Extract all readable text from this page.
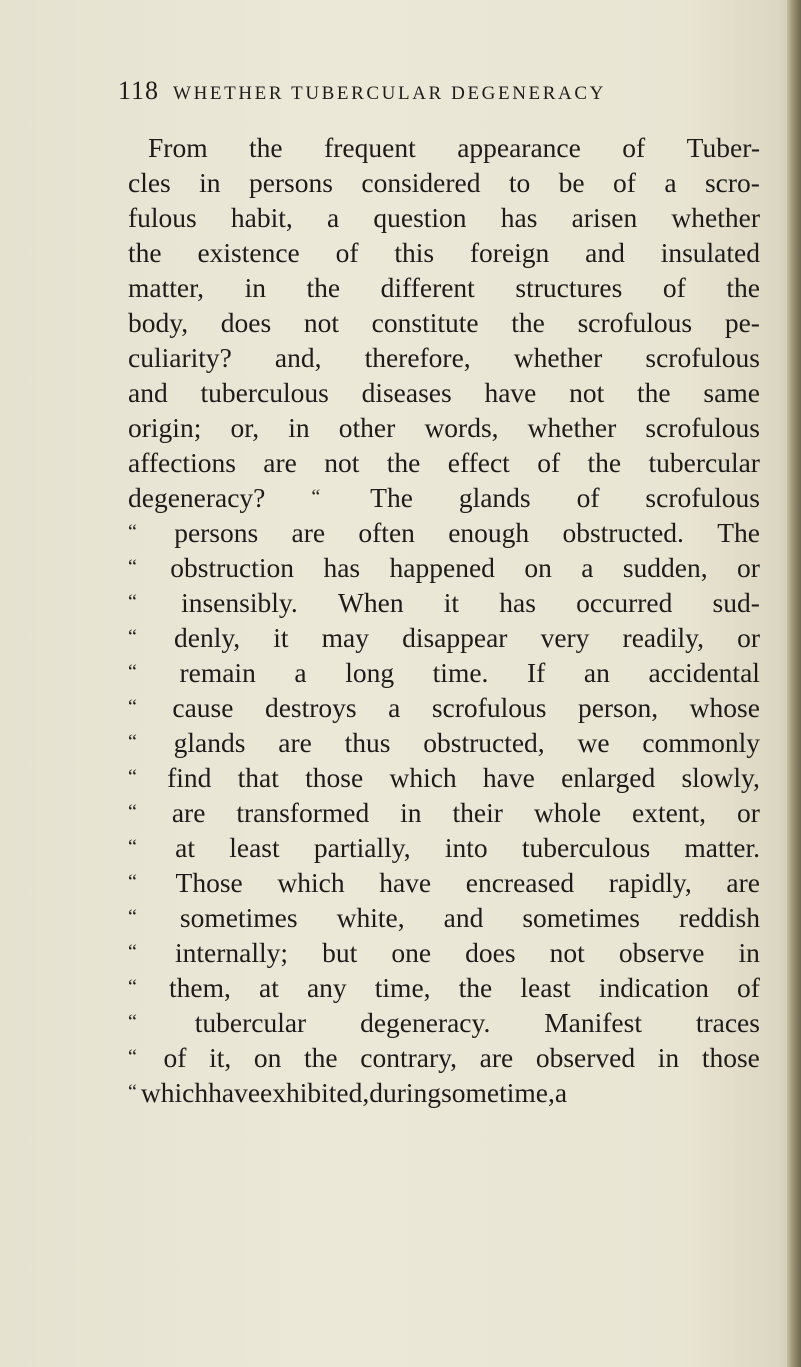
118 WHETHER TUBERCULAR DEGENERACY
From the frequent appearance of Tuber-
cles in persons considered to be of a scro-
fulous habit, a question has arisen whether
the existence of this foreign and insulated
matter, in the different structures of the
body, does not constitute the scrofulous pe-
culiarity? and, therefore, whether scrofulous
and tuberculous diseases have not the same
origin; or, in other words, whether scrofulous
affections are not the effect of the tubercular
degeneracy? “ The glands of scrofulous
“ persons are often enough obstructed. The
“ obstruction has happened on a sudden, or
“ insensibly. When it has occurred sud-
“ denly, it may disappear very readily, or
“ remain a long time. If an accidental
“ cause destroys a scrofulous person, whose
“ glands are thus obstructed, we commonly
“ find that those which have enlarged slowly,
“ are transformed in their whole extent, or
“ at least partially, into tuberculous matter.
“ Those which have encreased rapidly, are
“ sometimes white, and sometimes reddish
“ internally; but one does not observe in
“ them, at any time, the least indication of
“ tubercular degeneracy. Manifest traces
“ of it, on the contrary, are observed in those
“ which have exhibited, during some time, a
